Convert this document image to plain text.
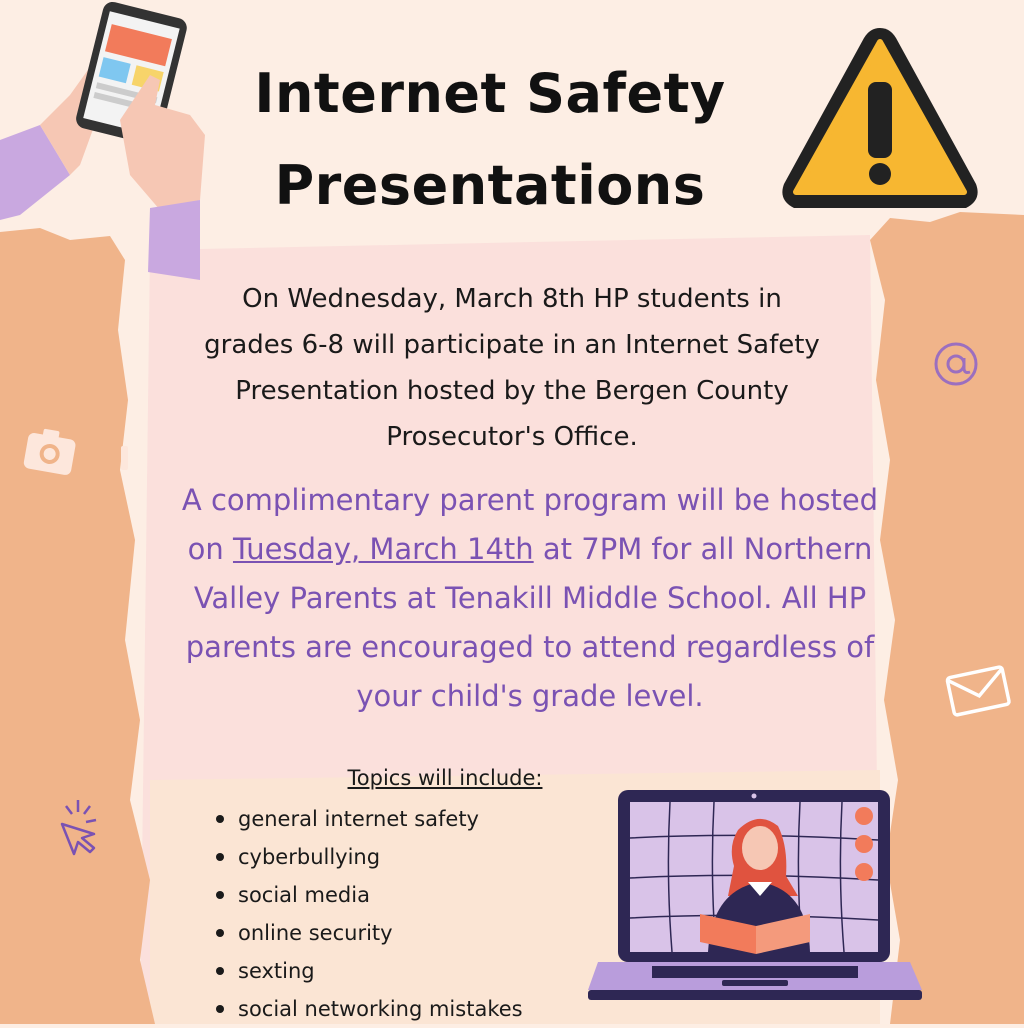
Internet Safety
Presentations
On Wednesday, March 8th HP students in
grades 6-8 will participate in an Internet Safety
Presentation hosted by the Bergen County
Prosecutor's Office.
A complimentary parent program will be hosted
on Tuesday, March 14th at 7PM for all Northern
Valley Parents at Tenakill Middle School. All HP
parents are encouraged to attend regardless of
your child's grade level.
Topics will include:
general internet safety
cyberbullying
social media
online security
sexting
social networking mistakes
